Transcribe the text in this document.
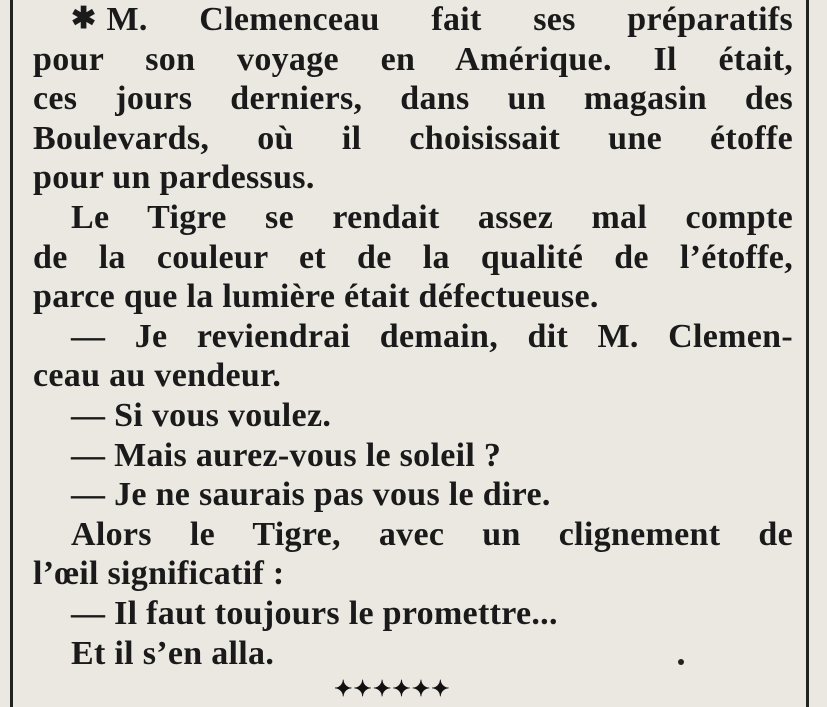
✱ M. Clemenceau fait ses préparatifs
pour son voyage en Amérique. Il était,
ces jours derniers, dans un magasin des
Boulevards, où il choisissait une étoffe
pour un pardessus.
Le Tigre se rendait assez mal compte
de la couleur et de la qualité de l’étoffe,
parce que la lumière était défectueuse.
— Je reviendrai demain, dit M. Clemen-
ceau au vendeur.
— Si vous voulez.
— Mais aurez-vous le soleil ?
— Je ne saurais pas vous le dire.
Alors le Tigre, avec un clignement de
l’œil significatif :
— Il faut toujours le promettre...
Et il s’en alla.
✦✦✦✦✦✦
